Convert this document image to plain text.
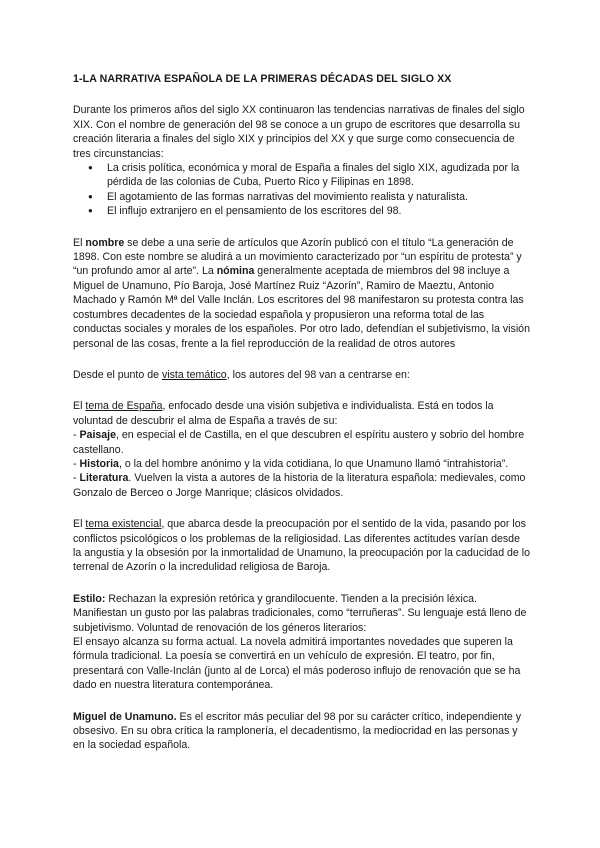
1-LA NARRATIVA ESPAÑOLA DE LA PRIMERAS DÉCADAS DEL SIGLO XX

Durante los primeros años del siglo XX continuaron las tendencias narrativas de finales del siglo XIX. Con el nombre de generación del 98 se conoce a un grupo de escritores que desarrolla su creación literaria a finales del siglo XIX y principios del XX y que surge como consecuencia de tres circunstancias:

● La crisis política, económica y moral de España a finales del siglo XIX, agudizada por la pérdida de las colonias de Cuba, Puerto Rico y Filipinas en 1898.
● El agotamiento de las formas narrativas del movimiento realista y naturalista.
● El influjo extranjero en el pensamiento de los escritores del 98.

El nombre se debe a una serie de artículos que Azorín publicó con el título “La generación de 1898. Con este nombre se aludirá a un movimiento caracterizado por “un espíritu de protesta” y “un profundo amor al arte”. La nómina generalmente aceptada de miembros del 98 incluye a Miguel de Unamuno, Pío Baroja, José Martínez Ruiz “Azorín”, Ramiro de Maeztu, Antonio Machado y Ramón Mª del Valle Inclán. Los escritores del 98 manifestaron su protesta contra las costumbres decadentes de la sociedad española y propusieron una reforma total de las conductas sociales y morales de los españoles. Por otro lado, defendían el subjetivismo, la visión personal de las cosas, frente a la fiel reproducción de la realidad de otros autores

Desde el punto de vista temático, los autores del 98 van a centrarse en:

El tema de España, enfocado desde una visión subjetiva e individualista. Está en todos la voluntad de descubrir el alma de España a través de su:
- Paisaje, en especial el de Castilla, en el que descubren el espíritu austero y sobrio del hombre castellano.
- Historia, o la del hombre anónimo y la vida cotidiana, lo que Unamuno llamó “intrahistoria”.
- Literatura. Vuelven la vista a autores de la historia de la literatura española: medievales, como Gonzalo de Berceo o Jorge Manrique; clásicos olvidados.

El tema existencial, que abarca desde la preocupación por el sentido de la vida, pasando por los conflictos psicológicos o los problemas de la religiosidad. Las diferentes actitudes varían desde la angustia y la obsesión por la inmortalidad de Unamuno, la preocupación por la caducidad de lo terrenal de Azorín o la incredulidad religiosa de Baroja.

Estilo: Rechazan la expresión retórica y grandilocuente. Tienden a la precisión léxica. Manifiestan un gusto por las palabras tradicionales, como “terruñeras”. Su lenguaje está lleno de subjetivismo. Voluntad de renovación de los géneros literarios:
El ensayo alcanza su forma actual. La novela admitirá importantes novedades que superen la fórmula tradicional. La poesía se convertirá en un vehículo de expresión. El teatro, por fin, presentará con Valle-Inclán (junto al de Lorca) el más poderoso influjo de renovación que se ha dado en nuestra literatura contemporánea.

Miguel de Unamuno. Es el escritor más peculiar del 98 por su carácter crítico, independiente y obsesivo. En su obra crítica la ramplonería, el decadentismo, la mediocridad en las personas y en la sociedad española.
